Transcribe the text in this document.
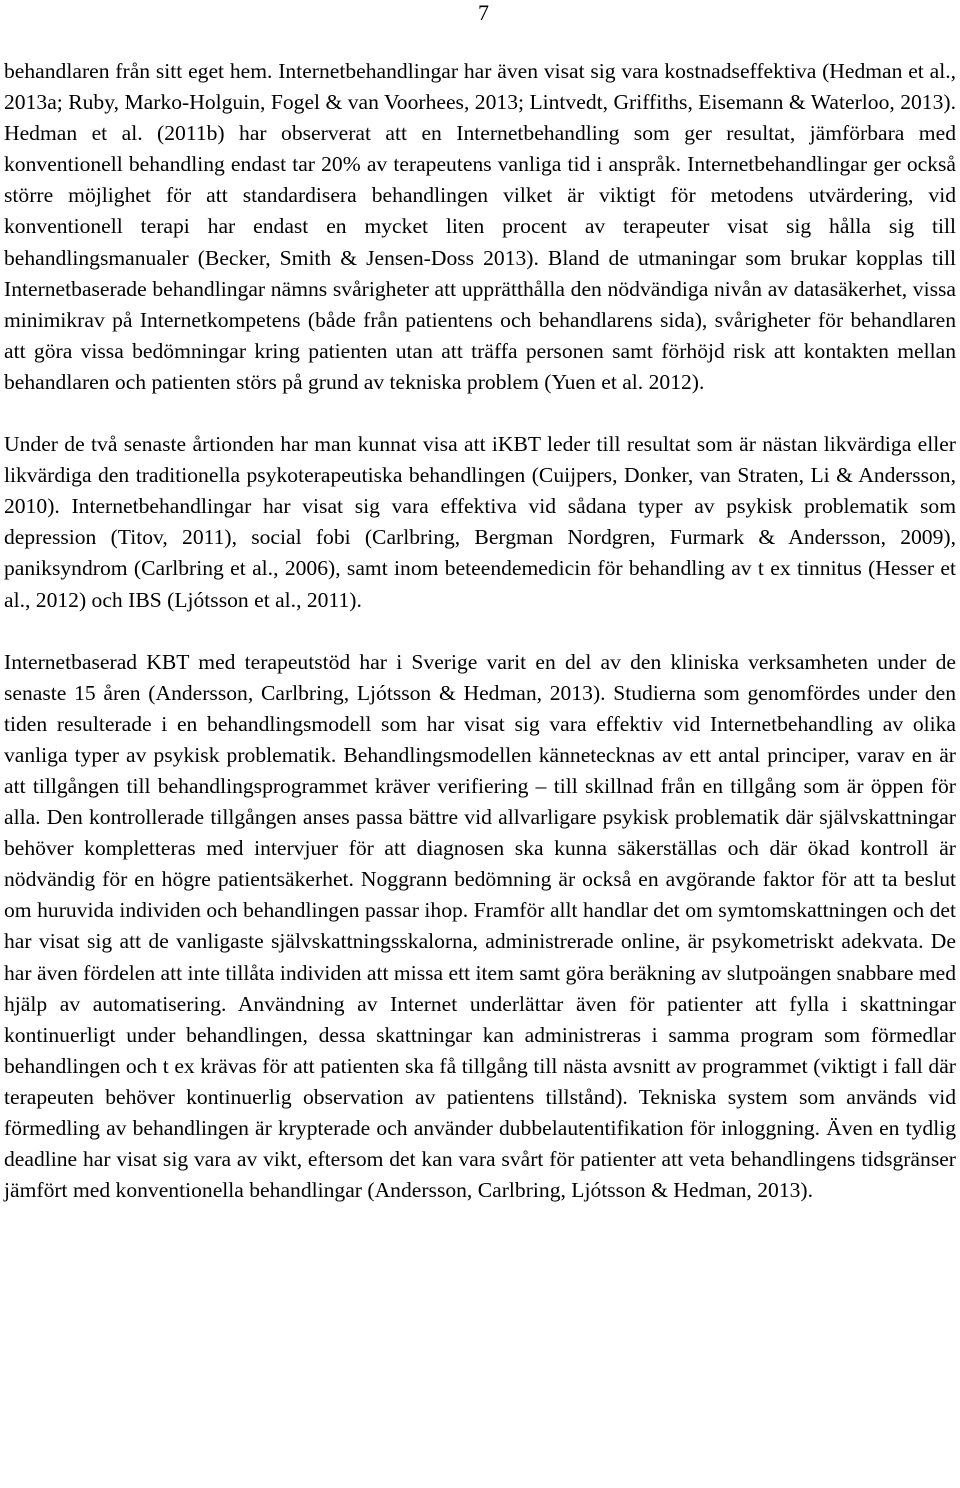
7

behandlaren från sitt eget hem. Internetbehandlingar har även visat sig vara kostnadseffektiva (Hedman et al., 2013a; Ruby, Marko-Holguin, Fogel & van Voorhees, 2013; Lintvedt, Griffiths, Eisemann & Waterloo, 2013). Hedman et al. (2011b) har observerat att en Internetbehandling som ger resultat, jämförbara med konventionell behandling endast tar 20% av terapeutens vanliga tid i anspråk. Internetbehandlingar ger också större möjlighet för att standardisera behandlingen vilket är viktigt för metodens utvärdering, vid konventionell terapi har endast en mycket liten procent av terapeuter visat sig hålla sig till behandlingsmanualer (Becker, Smith & Jensen-Doss 2013). Bland de utmaningar som brukar kopplas till Internetbaserade behandlingar nämns svårigheter att upprätthålla den nödvändiga nivån av datasäkerhet, vissa minimikrav på Internetkompetens (både från patientens och behandlarens sida), svårigheter för behandlaren att göra vissa bedömningar kring patienten utan att träffa personen samt förhöjd risk att kontakten mellan behandlaren och patienten störs på grund av tekniska problem (Yuen et al. 2012).

Under de två senaste årtionden har man kunnat visa att iKBT leder till resultat som är nästan likvärdiga eller likvärdiga den traditionella psykoterapeutiska behandlingen (Cuijpers, Donker, van Straten, Li & Andersson, 2010). Internetbehandlingar har visat sig vara effektiva vid sådana typer av psykisk problematik som depression (Titov, 2011), social fobi (Carlbring, Bergman Nordgren, Furmark & Andersson, 2009), paniksyndrom (Carlbring et al., 2006), samt inom beteendemedicin för behandling av t ex tinnitus (Hesser et al., 2012) och IBS (Ljótsson et al., 2011).

Internetbaserad KBT med terapeutstöd har i Sverige varit en del av den kliniska verksamheten under de senaste 15 åren (Andersson, Carlbring, Ljótsson & Hedman, 2013). Studierna som genomfördes under den tiden resulterade i en behandlingsmodell som har visat sig vara effektiv vid Internetbehandling av olika vanliga typer av psykisk problematik. Behandlingsmodellen kännetecknas av ett antal principer, varav en är att tillgången till behandlingsprogrammet kräver verifiering – till skillnad från en tillgång som är öppen för alla. Den kontrollerade tillgången anses passa bättre vid allvarligare psykisk problematik där självskattningar behöver kompletteras med intervjuer för att diagnosen ska kunna säkerställas och där ökad kontroll är nödvändig för en högre patientsäkerhet. Noggrann bedömning är också en avgörande faktor för att ta beslut om huruvida individen och behandlingen passar ihop. Framför allt handlar det om symtomskattningen och det har visat sig att de vanligaste självskattningsskalorna, administrerade online, är psykometriskt adekvata. De har även fördelen att inte tillåta individen att missa ett item samt göra beräkning av slutpoängen snabbare med hjälp av automatisering. Användning av Internet underlättar även för patienter att fylla i skattningar kontinuerligt under behandlingen, dessa skattningar kan administreras i samma program som förmedlar behandlingen och t ex krävas för att patienten ska få tillgång till nästa avsnitt av programmet (viktigt i fall där terapeuten behöver kontinuerlig observation av patientens tillstånd). Tekniska system som används vid förmedling av behandlingen är krypterade och använder dubbelautentifikation för inloggning. Även en tydlig deadline har visat sig vara av vikt, eftersom det kan vara svårt för patienter att veta behandlingens tidsgränser jämfört med konventionella behandlingar (Andersson, Carlbring, Ljótsson & Hedman, 2013).
